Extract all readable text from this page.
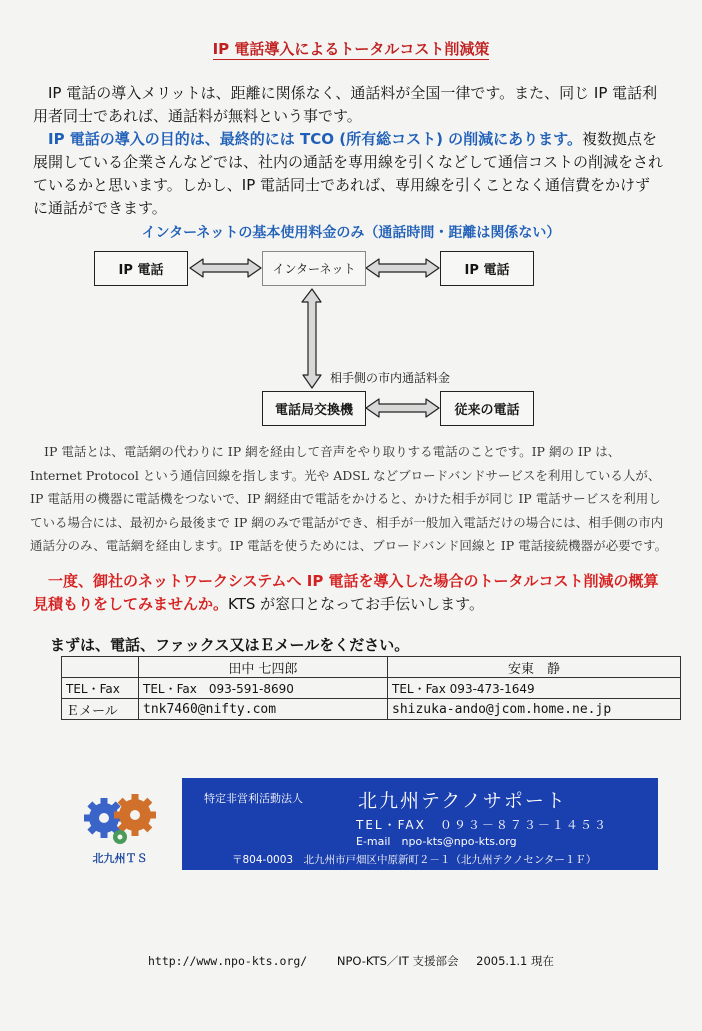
IP 電話導入によるトータルコスト削減策
IP 電話の導入メリットは、距離に関係なく、通話料が全国一律です。また、同じ IP 電話利用者同士であれば、通話料が無料という事です。
IP 電話の導入の目的は、最終的には TCO (所有総コスト) の削減にあります。複数拠点を展開している企業さんなどでは、社内の通話を専用線を引くなどして通信コストの削減をされているかと思います。しかし、IP 電話同士であれば、専用線を引くことなく通信費をかけずに通話ができます。
インターネットの基本使用料金のみ（通話時間・距離は関係ない）
IP 電話	インターネット	IP 電話
電話局交換機	従来の電話
相手側の市内通話料金
IP 電話とは、電話網の代わりに IP 網を経由して音声をやり取りする電話のことです。IP 網の IP は、Internet Protocol という通信回線を指します。光や ADSL などブロードバンドサービスを利用している人が、IP 電話用の機器に電話機をつないで、IP 網経由で電話をかけると、かけた相手が同じ IP 電話サービスを利用している場合には、最初から最後まで IP 網のみで電話ができ、相手が一般加入電話だけの場合には、相手側の市内通話分のみ、電話網を経由します。IP 電話を使うためには、ブロードバンド回線と IP 電話接続機器が必要です。
一度、御社のネットワークシステムへ IP 電話を導入した場合のトータルコスト削減の概算見積もりをしてみませんか。KTS が窓口となってお手伝いします。
まずは、電話、ファックス又はＥメールをください。
	田中 七四郎	安東　静
TEL・Fax	TEL・Fax　093-591-8690	TEL・Fax 093-473-1649
Ｅメール	tnk7460@nifty.com	shizuka-ando@jcom.home.ne.jp
北九州ＴＳ
特定非営利活動法人	北九州テクノサポート
TEL・FAX　０９３－８７３－１４５３
E-mail　npo-kts@npo-kts.org
〒804-0003　北九州市戸畑区中原新町２－１（北九州テクノセンター１Ｆ）
http://www.npo-kts.org/	NPO-KTS／IT 支援部会 2005.1.1 現在
